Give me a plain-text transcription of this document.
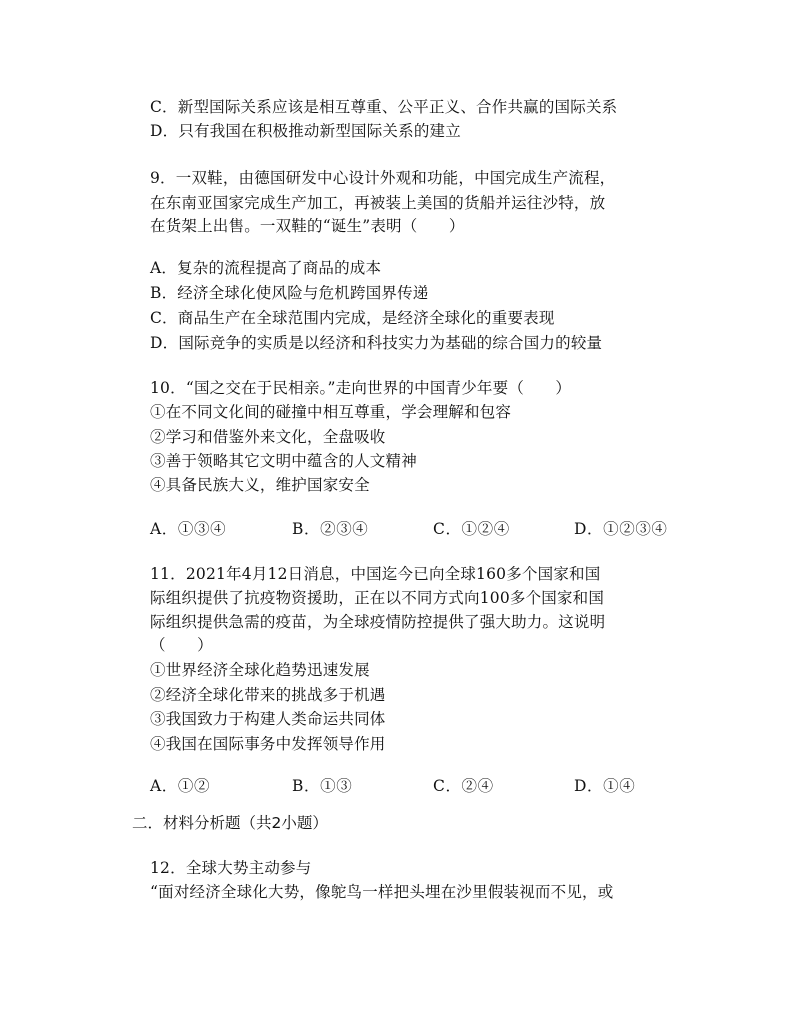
C．新型国际关系应该是相互尊重、公平正义、合作共赢的国际关系
D．只有我国在积极推动新型国际关系的建立
9．一双鞋，由德国研发中心设计外观和功能，中国完成生产流程，
在东南亚国家完成生产加工，再被装上美国的货船并运往沙特，放
在货架上出售。一双鞋的“诞生”表明（　　）
A．复杂的流程提高了商品的成本
B．经济全球化使风险与危机跨国界传递
C．商品生产在全球范围内完成，是经济全球化的重要表现
D．国际竞争的实质是以经济和科技实力为基础的综合国力的较量
10．“国之交在于民相亲。”走向世界的中国青少年要（　　）
①在不同文化间的碰撞中相互尊重，学会理解和包容
②学习和借鉴外来文化，全盘吸收
③善于领略其它文明中蕴含的人文精神
④具备民族大义，维护国家安全
A．①③④	B．②③④	C．①②④	D．①②③④
11．2021年4月12日消息，中国迄今已向全球160多个国家和国
际组织提供了抗疫物资援助，正在以不同方式向100多个国家和国
际组织提供急需的疫苗，为全球疫情防控提供了强大助力。这说明
（　　）
①世界经济全球化趋势迅速发展
②经济全球化带来的挑战多于机遇
③我国致力于构建人类命运共同体
④我国在国际事务中发挥领导作用
A．①②	B．①③	C．②④	D．①④
二．材料分析题（共2小题）
12．全球大势主动参与
“面对经济全球化大势，像鸵鸟一样把头埋在沙里假装视而不见，或
